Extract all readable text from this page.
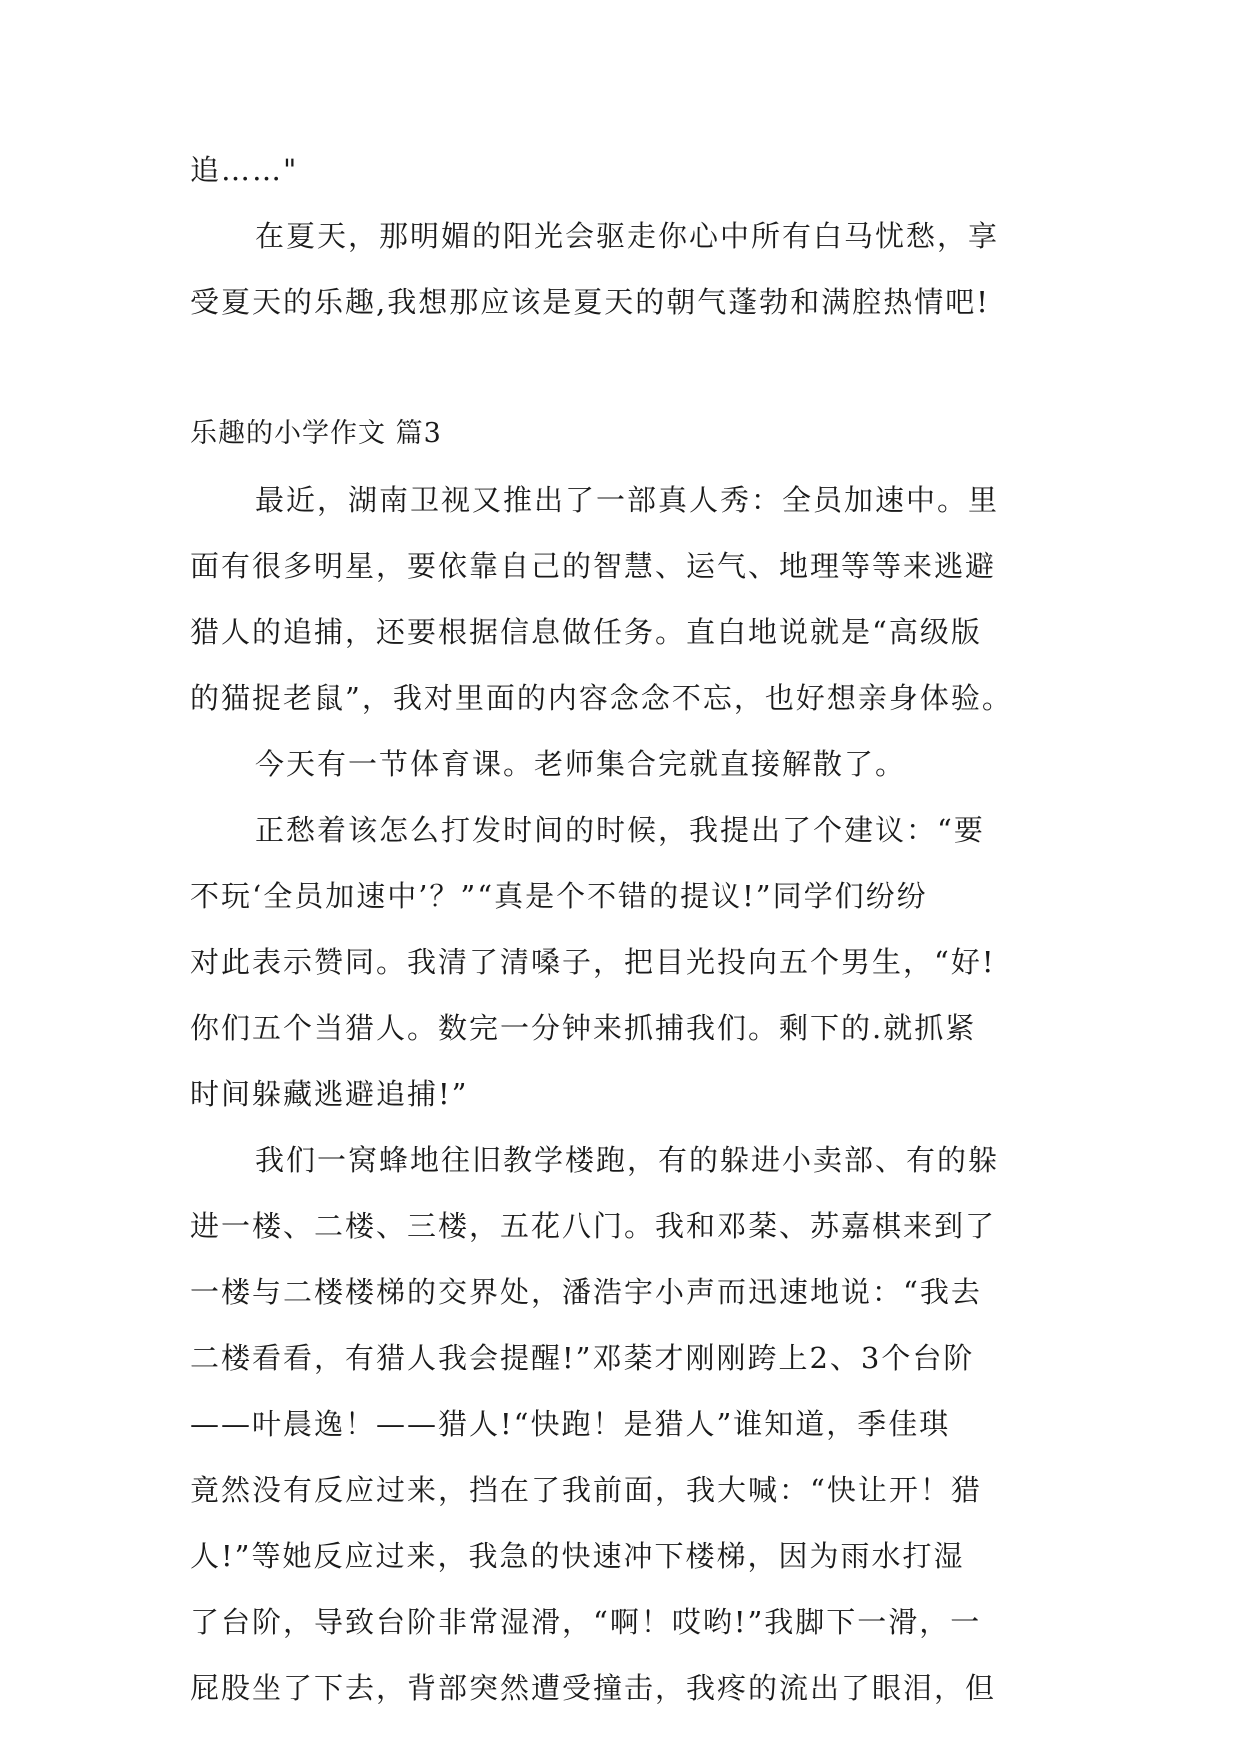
追……"
在夏天，那明媚的阳光会驱走你心中所有白马忧愁，享
受夏天的乐趣,我想那应该是夏天的朝气蓬勃和满腔热情吧!
乐趣的小学作文 篇3
最近，湖南卫视又推出了一部真人秀：全员加速中。里
面有很多明星，要依靠自己的智慧、运气、地理等等来逃避
猎人的追捕，还要根据信息做任务。直白地说就是“高级版
的猫捉老鼠”，我对里面的内容念念不忘，也好想亲身体验。
今天有一节体育课。老师集合完就直接解散了。
正愁着该怎么打发时间的时候，我提出了个建议：“要
不玩‘全员加速中’？”“真是个不错的提议!”同学们纷纷
对此表示赞同。我清了清嗓子，把目光投向五个男生，“好!
你们五个当猎人。数完一分钟来抓捕我们。剩下的.就抓紧
时间躲藏逃避追捕!”
我们一窝蜂地往旧教学楼跑，有的躲进小卖部、有的躲
进一楼、二楼、三楼，五花八门。我和邓棻、苏嘉棋来到了
一楼与二楼楼梯的交界处，潘浩宇小声而迅速地说：“我去
二楼看看，有猎人我会提醒!”邓棻才刚刚跨上2、3个台阶
——叶晨逸！——猎人!“快跑！是猎人”谁知道，季佳琪
竟然没有反应过来，挡在了我前面，我大喊：“快让开！猎
人!”等她反应过来，我急的快速冲下楼梯，因为雨水打湿
了台阶，导致台阶非常湿滑，“啊！哎哟!”我脚下一滑，一
屁股坐了下去，背部突然遭受撞击，我疼的流出了眼泪，但
